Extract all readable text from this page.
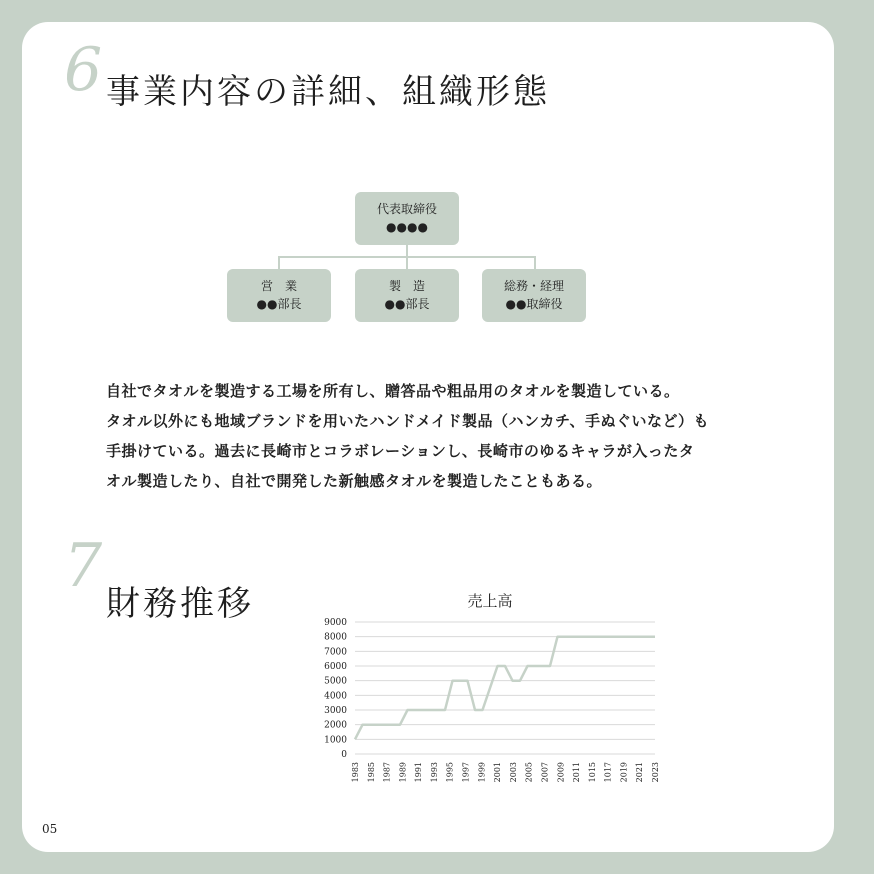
6 事業内容の詳細、組織形態
代表取締役
●●●●
営　業
●●部長
製　造
●●部長
総務・経理
●●取締役

自社でタオルを製造する工場を所有し、贈答品や粗品用のタオルを製造している。

タオル以外にも地域ブランドを用いたハンドメイド製品（ハンカチ、手ぬぐいなど）も

手掛けている。過去に長崎市とコラボレーションし、長崎市のゆるキャラが入ったタ

オル製造したり、自社で開発した新触感タオルを製造したこともある。

7
財務推移	売上高
0
1000
2000
3000
4000
5000
6000
7000
8000
9000
1983 1985 1987 1989 1991 1993 1995 1997 1999 2001 2003 2005 2007 2009 2011 1015 1017 2019 2021 2023
05
